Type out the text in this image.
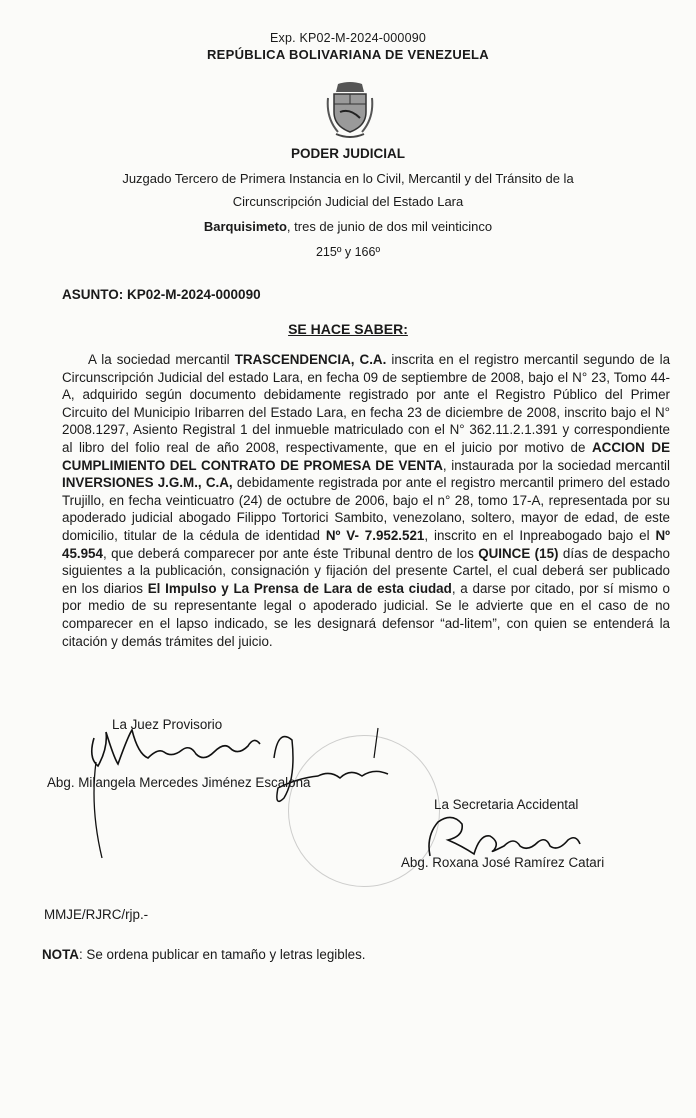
Exp. KP02-M-2024-000090
REPÚBLICA BOLIVARIANA DE VENEZUELA
PODER JUDICIAL
Juzgado Tercero de Primera Instancia en lo Civil, Mercantil y del Tránsito de la
Circunscripción Judicial del Estado Lara
Barquisimeto, tres de junio de dos mil veinticinco
215º y 166º
ASUNTO: KP02-M-2024-000090
SE HACE SABER:

A la sociedad mercantil TRASCENDENCIA, C.A. inscrita en el registro mercantil segundo de la Circunscripción Judicial del estado Lara, en fecha 09 de septiembre de 2008, bajo el N° 23, Tomo 44-A, adquirido según documento debidamente registrado por ante el Registro Público del Primer Circuito del Municipio Iribarren del Estado Lara, en fecha 23 de diciembre de 2008, inscrito bajo el N° 2008.1297, Asiento Registral 1 del inmueble matriculado con el N° 362.11.2.1.391 y correspondiente al libro del folio real de año 2008, respectivamente, que en el juicio por motivo de ACCION DE CUMPLIMIENTO DEL CONTRATO DE PROMESA DE VENTA, instaurada por la sociedad mercantil INVERSIONES J.G.M., C.A, debidamente registrada por ante el registro mercantil primero del estado Trujillo, en fecha veinticuatro (24) de octubre de 2006, bajo el n° 28, tomo 17-A, representada por su apoderado judicial abogado Filippo Tortorici Sambito, venezolano, soltero, mayor de edad, de este domicilio, titular de la cédula de identidad Nº V- 7.952.521, inscrito en el Inpreabogado bajo el Nº 45.954, que deberá comparecer por ante éste Tribunal dentro de los QUINCE (15) días de despacho siguientes a la publicación, consignación y fijación del presente Cartel, el cual deberá ser publicado en los diarios El Impulso y La Prensa de Lara de esta ciudad, a darse por citado, por sí mismo o por medio de su representante legal o apoderado judicial. Se le advierte que en el caso de no comparecer en el lapso indicado, se les designará defensor “ad-litem”, con quien se entenderá la citación y demás trámites del juicio.

La Juez Provisorio
Abg. Milangela Mercedes Jiménez Escalona
La Secretaria Accidental
Abg. Roxana José Ramírez Catari
MMJE/RJRC/rjp.-
NOTA: Se ordena publicar en tamaño y letras legibles.
